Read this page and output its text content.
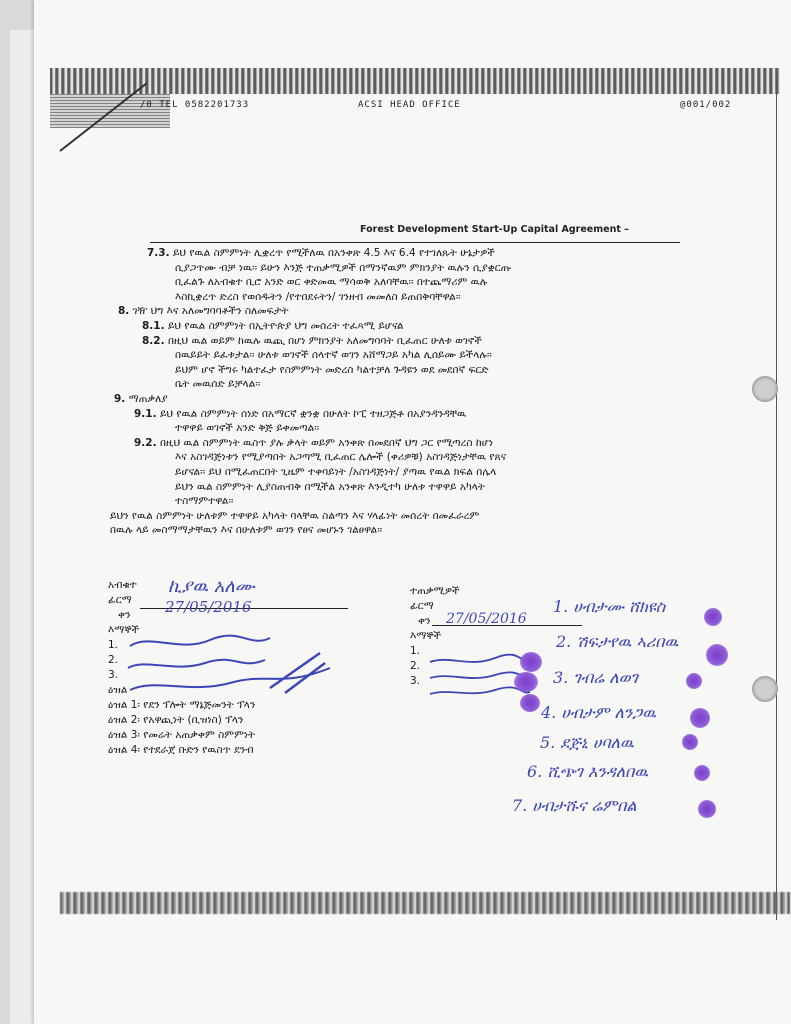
/0 TEL 0582201733	ACSI HEAD OFFICE	@001/002
Forest Development Start-Up Capital Agreement –
7.3. ይህ የዉል ስምምነት ሊቋረጥ የሚችለዉ በአንቀጽ 4.5 እና 6.4 የተገለጹት ሁኔታዎች
ሲያጋጥሙ ብቻ ነዉ፡፡ ይሁን እንጅ ተጠቃሚዎች በማንኛዉም ምክንያት ዉሉን ሲያቋርጡ
ቢፈልጉ ለአብቁተ ቢሮ አንድ ወር ቀድመዉ ማሳወቅ አለባቸዉ፡፡ በተጨማሪም ዉሉ
እስኪቋረጥ ድረስ የወሰዱትን /የተበደሩትን/ ገንዘብ መመለስ ይጠበቅባቸዋል፡፡
8. ገዥ ህግ እና አለመግባባቶችን ስለመፍታት
8.1. ይህ የዉል ስምምነት በኢትዮጵያ ህግ መሰረት ተፈጻሚ ይሆናል
8.2. በዚህ ዉል ወይም ከዉሉ ዉጪ በሆነ ምክንያት አለመግባባት ቢፈጠር ሁለቱ ወገኖች
በዉይይት ይፈቱታል፡፡ ሁለቱ ወገኖች ሰላተኛ ወገን አሸማጋይ አካል ሊሰይሙ ይችላሉ፡፡
ይህም ሆኖ ችግሩ ካልተፈታ የስምምነት መድረስ ካልተቻለ ጉዳዩን ወደ መደበኛ ፍርድ
ቤት መዉሰድ ይቻላል፡፡
9. ማጠቃለያ
9.1. ይህ የዉል ስምምነት ሰነድ በአማርኛ ቋንቋ በሁለት ኮፒ ተዘጋጅቶ በአያንዳንዳቸዉ
ተዋዋይ ወገኖች አንድ ቅጅ ይቀመጣል፡፡
9.2. በዚህ ዉል ስምምነት ዉስጥ ያሉ ቃላት ወይም አንቀጽ በመደበኛ ህግ ጋር የሚጣረስ ከሆነ
እና አስገዳጅነቱን የሚያጣበት አጋጣሚ ቢፈጠር ሌሎች (ቀሪዎቹ) አስገዳጅነታቸዉ የጸና
ይሆናል፡፡ ይህ በሚፈጠርበት ጊዜም ተቀባይነት /አስገዳጅነት/ ያጣዉ የዉል ክፍል በሌላ
ይህን ዉል ስምምነት ሊያስጠብቅ በሚችል አንቀጽ እንዲተካ ሁለቱ ተዋዋይ አካላት
ተስማምተዋል፡፡
ይህን የዉል ስምምነት ሁለቱም ተዋዋይ አካላት ባላቸዉ ስልጣን እና ሃላፊነት መሰረት በመፈራረም
በዉሉ ላይ መስማማታቸዉን እና በሁለቱም ወገን የፀና መሆኑን ገልፀዋል፡፡
አብቁተ
ፊርማ
ቀን
እማኞች
1.
2.
3.
ዕዝል
ዕዝል 1፡ የደን ፕሎት ማኔጅመንት ፕላን
ዕዝል 2፡ የአዋጪነት (ቢዝነስ) ፕላን
ዕዝል 3፡ የመሬት አጠቃቀም ስምምነት
ዕዝል 4፡ የተደራጀ ቡድን የዉስጥ ደንብ
ኪያዉ አለሙ
27/05/2016
ተጠቃሚዎች
ፊርማ
ቀን
እማኞች
1.
2.
3.
27/05/2016
1. ሀብታሙ ሸክዩስ
2. ሽፍታየዉ ኣሪበዉ
3. ገብሬ ለወገ
4. ሀብታም ለንጋዉ
5. ደጅኒ ሀባለዉ
6. ሺጭገ እንዳለበዉ
7. ሀብታሹና ሬምበል
